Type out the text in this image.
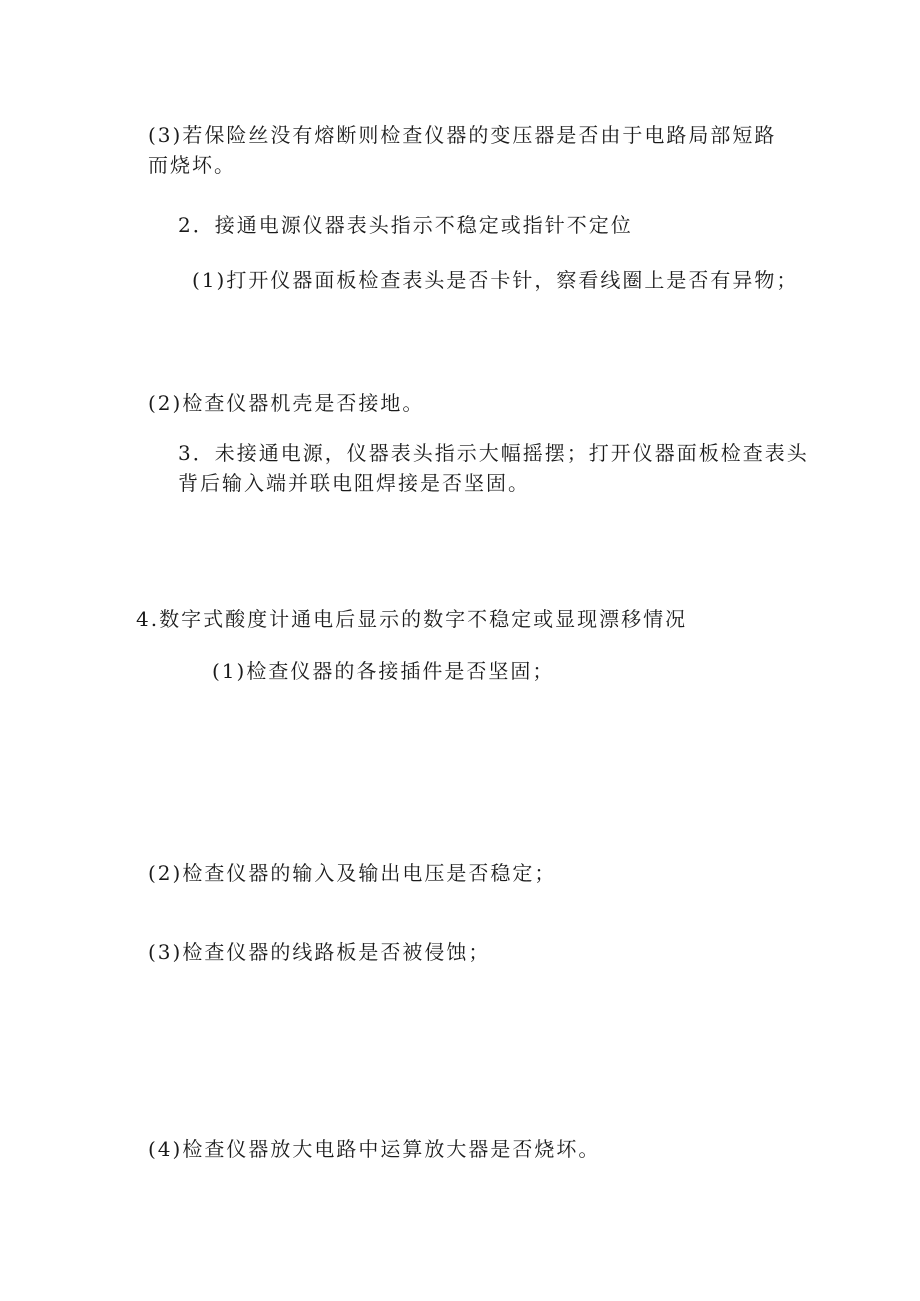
(3)若保险丝没有熔断则检查仪器的变压器是否由于电路局部短路而烧坏。
2．接通电源仪器表头指示不稳定或指针不定位
(1)打开仪器面板检查表头是否卡针，察看线圈上是否有异物；
(2)检查仪器机壳是否接地。
3．未接通电源，仪器表头指示大幅摇摆；打开仪器面板检查表头背后输入端并联电阻焊接是否坚固。
4.数字式酸度计通电后显示的数字不稳定或显现漂移情况
(1)检查仪器的各接插件是否坚固；
(2)检查仪器的输入及输出电压是否稳定；
(3)检查仪器的线路板是否被侵蚀；
(4)检查仪器放大电路中运算放大器是否烧坏。
